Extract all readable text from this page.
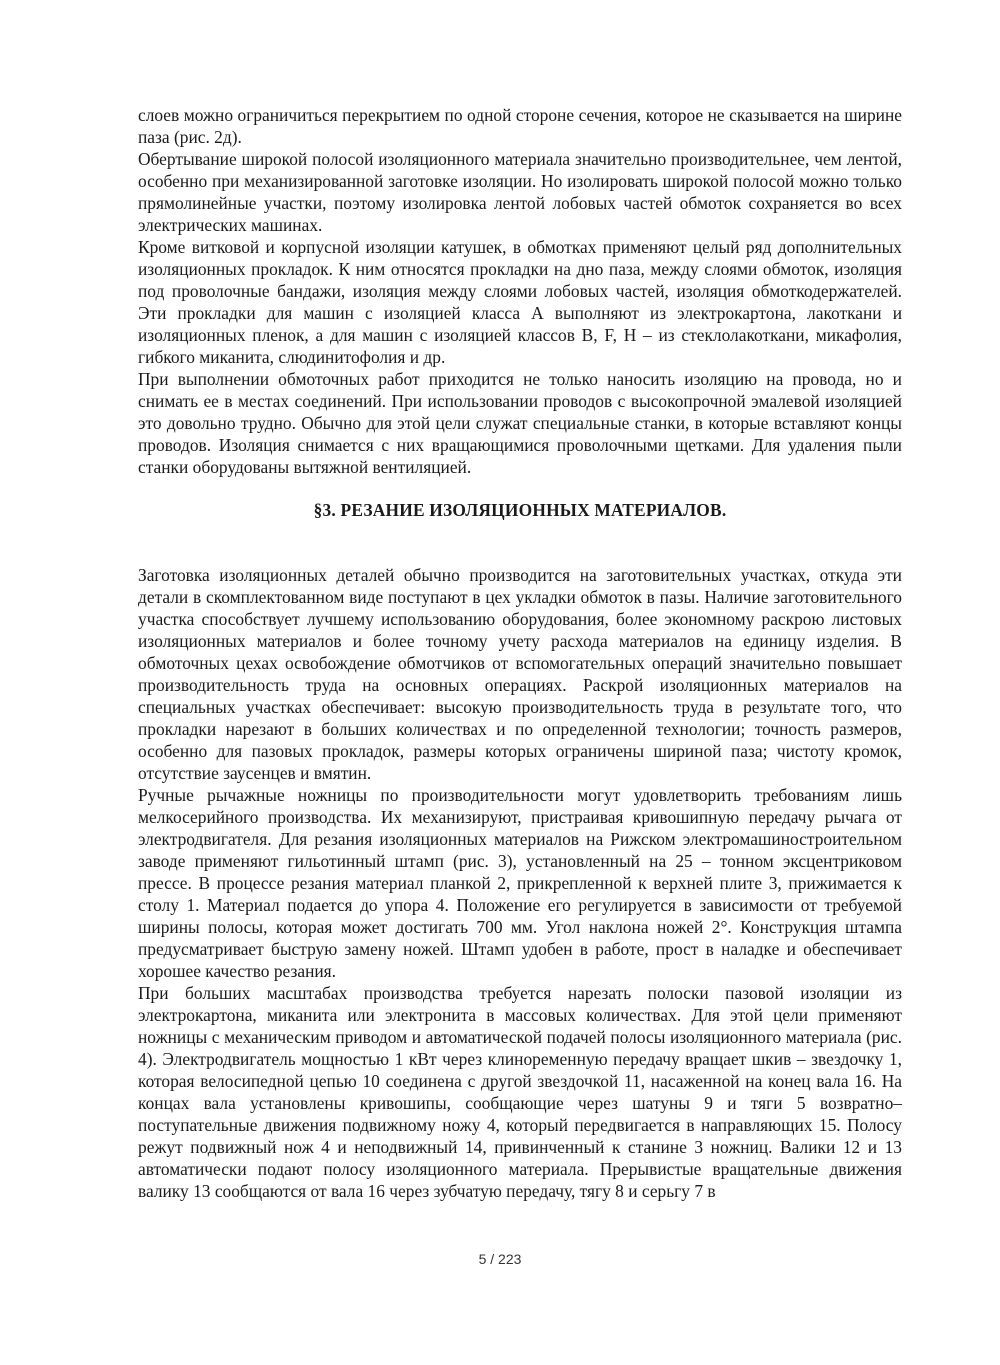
слоев можно ограничиться перекрытием по одной стороне сечения, которое не сказывается на ширине паза (рис. 2д).

Обертывание широкой полосой изоляционного материала значительно производительнее, чем лентой, особенно при механизированной заготовке изоляции. Но изолировать широкой полосой можно только прямолинейные участки, поэтому изолировка лентой лобовых частей обмоток сохраняется во всех электрических машинах.

Кроме витковой и корпусной изоляции катушек, в обмотках применяют целый ряд дополнительных изоляционных прокладок. К ним относятся прокладки на дно паза, между слоями обмоток, изоляция под проволочные бандажи, изоляция между слоями лобовых частей, изоляция обмоткодержателей. Эти прокладки для машин с изоляцией класса А выполняют из электрокартона, лакоткани и изоляционных пленок, а для машин с изоляцией классов В, F, Н – из стеклолакоткани, микафолия, гибкого миканита, слюдинитофолия и др.

При выполнении обмоточных работ приходится не только наносить изоляцию на провода, но и снимать ее в местах соединений. При использовании проводов с высокопрочной эмалевой изоляцией это довольно трудно. Обычно для этой цели служат специальные станки, в которые вставляют концы проводов. Изоляция снимается с них вращающимися проволочными щетками. Для удаления пыли станки оборудованы вытяжной вентиляцией.

§3. РЕЗАНИЕ ИЗОЛЯЦИОННЫХ МАТЕРИАЛОВ.

Заготовка изоляционных деталей обычно производится на заготовительных участках, откуда эти детали в скомплектованном виде поступают в цех укладки обмоток в пазы. Наличие заготовительного участка способствует лучшему использованию оборудования, более экономному раскрою листовых изоляционных материалов и более точному учету расхода материалов на единицу изделия. В обмоточных цехах освобождение обмотчиков от вспомогательных операций значительно повышает производительность труда на основных операциях. Раскрой изоляционных материалов на специальных участках обеспечивает: высокую производительность труда в результате того, что прокладки нарезают в больших количествах и по определенной технологии; точность размеров, особенно для пазовых прокладок, размеры которых ограничены шириной паза; чистоту кромок, отсутствие заусенцев и вмятин.

Ручные рычажные ножницы по производительности могут удовлетворить требованиям лишь мелкосерийного производства. Их механизируют, пристраивая кривошипную передачу рычага от электродвигателя. Для резания изоляционных материалов на Рижском электромашиностроительном заводе применяют гильотинный штамп (рис. 3), установленный на 25 – тонном эксцентриковом прессе. В процессе резания материал планкой 2, прикрепленной к верхней плите 3, прижимается к столу 1. Материал подается до упора 4. Положение его регулируется в зависимости от требуемой ширины полосы, которая может достигать 700 мм. Угол наклона ножей 2°. Конструкция штампа предусматривает быструю замену ножей. Штамп удобен в работе, прост в наладке и обеспечивает хорошее качество резания.

При больших масштабах производства требуется нарезать полоски пазовой изоляции из электрокартона, миканита или электронита в массовых количествах. Для этой цели применяют ножницы с механическим приводом и автоматической подачей полосы изоляционного материала (рис. 4). Электродвигатель мощностью 1 кВт через клиноременную передачу вращает шкив – звездочку 1, которая велосипедной цепью 10 соединена с другой звездочкой 11, насаженной на конец вала 16. На концах вала установлены кривошипы, сообщающие через шатуны 9 и тяги 5 возвратно–поступательные движения подвижному ножу 4, который передвигается в направляющих 15. Полосу режут подвижный нож 4 и неподвижный 14, привинченный к станине 3 ножниц. Валики 12 и 13 автоматически подают полосу изоляционного материала. Прерывистые вращательные движения валику 13 сообщаются от вала 16 через зубчатую передачу, тягу 8 и серьгу 7 в

5 / 223
